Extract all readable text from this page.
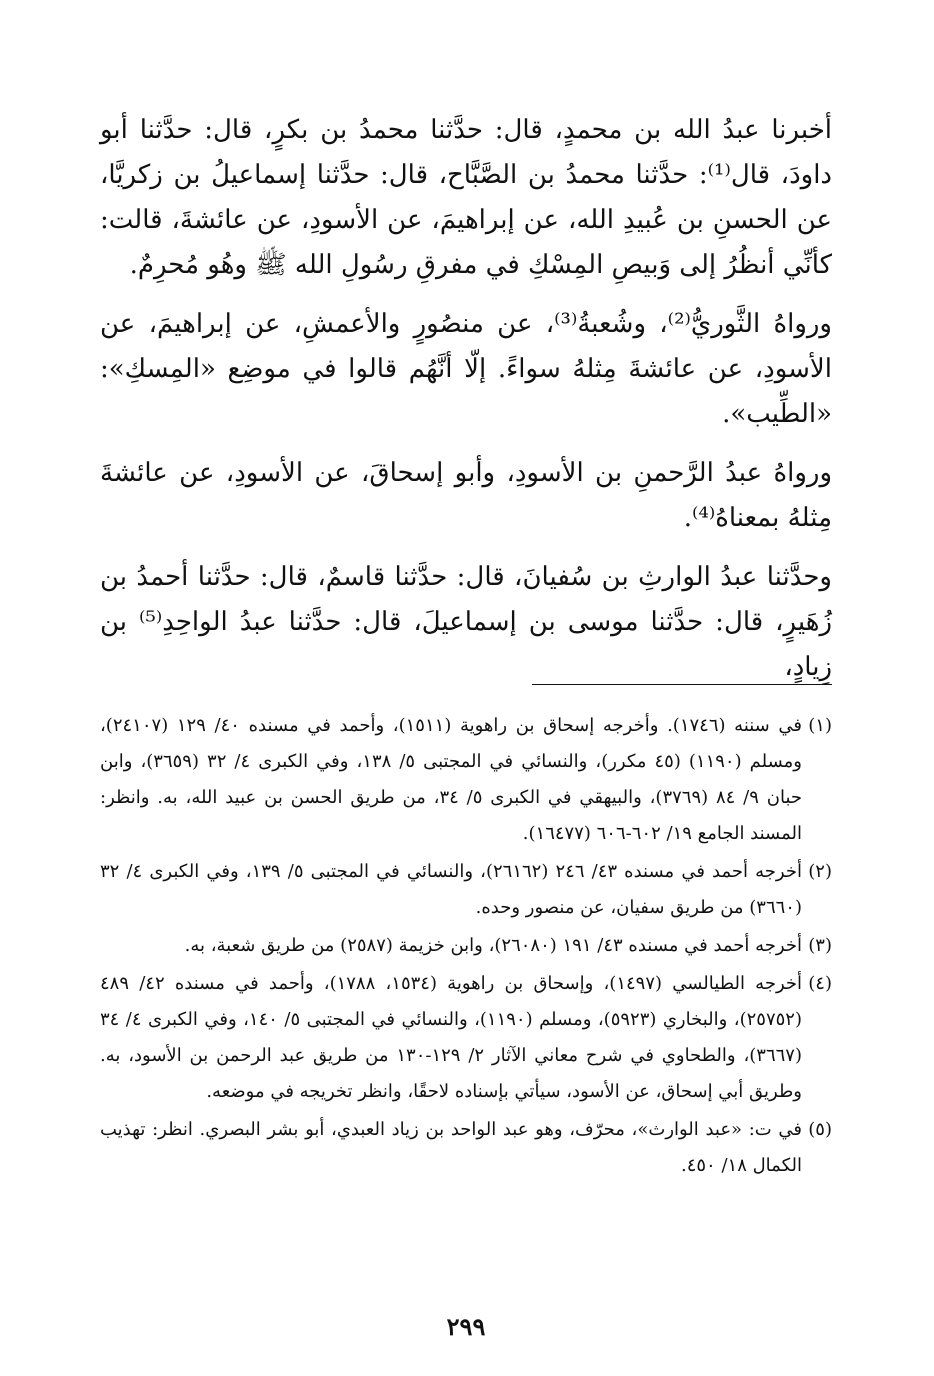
أخبرنا عبدُ الله بن محمدٍ، قال: حدَّثنا محمدُ بن بكرٍ، قال: حدَّثنا أبو داودَ، قال⁽¹⁾: حدَّثنا محمدُ بن الصَّبَّاح، قال: حدَّثنا إسماعيلُ بن زكريَّا، عن الحسنِ بن عُبيدِ الله، عن إبراهيمَ، عن الأسودِ، عن عائشةَ، قالت: كأنِّي أنظُرُ إلى وَبيصِ المِسْكِ في مفرقِ رسُولِ الله ﷺ وهُو مُحرِمٌ.

ورواهُ الثَّوريُّ⁽²⁾، وشُعبةُ⁽³⁾، عن منصُورٍ والأعمشِ، عن إبراهيمَ، عن الأسودِ، عن عائشةَ مِثلهُ سواءً. إلّا أنَّهُم قالوا في موضِع «المِسكِ»: «الطِّيب».

ورواهُ عبدُ الرَّحمنِ بن الأسودِ، وأبو إسحاقَ، عن الأسودِ، عن عائشةَ مِثلهُ بمعناهُ⁽⁴⁾.

وحدَّثنا عبدُ الوارثِ بن سُفيانَ، قال: حدَّثنا قاسمٌ، قال: حدَّثنا أحمدُ بن زُهَيرٍ، قال: حدَّثنا موسى بن إسماعيلَ، قال: حدَّثنا عبدُ الواحِدِ⁽⁵⁾ بن زِيادٍ،

(١)
في سننه (١٧٤٦). وأخرجه إسحاق بن راهوية (١٥١١)، وأحمد في مسنده ٤٠/ ١٢٩ (٢٤١٠٧)، ومسلم (١١٩٠) (٤٥ مكرر)، والنسائي في المجتبى ٥/ ١٣٨، وفي الكبرى ٤/ ٣٢ (٣٦٥٩)، وابن حبان ٩/ ٨٤ (٣٧٦٩)، والبيهقي في الكبرى ٥/ ٣٤، من طريق الحسن بن عبيد الله، به. وانظر: المسند الجامع ١٩/ ٦٠٢-٦٠٦ (١٦٤٧٧).

(٢)
أخرجه أحمد في مسنده ٤٣/ ٢٤٦ (٢٦١٦٢)، والنسائي في المجتبى ٥/ ١٣٩، وفي الكبرى ٤/ ٣٢ (٣٦٦٠) من طريق سفيان، عن منصور وحده.

(٣)
أخرجه أحمد في مسنده ٤٣/ ١٩١ (٢٦٠٨٠)، وابن خزيمة (٢٥٨٧) من طريق شعبة، به.

(٤)
أخرجه الطيالسي (١٤٩٧)، وإسحاق بن راهوية (١٥٣٤، ١٧٨٨)، وأحمد في مسنده ٤٢/ ٤٨٩ (٢٥٧٥٢)، والبخاري (٥٩٢٣)، ومسلم (١١٩٠)، والنسائي في المجتبى ٥/ ١٤٠، وفي الكبرى ٤/ ٣٤ (٣٦٦٧)، والطحاوي في شرح معاني الآثار ٢/ ١٢٩-١٣٠ من طريق عبد الرحمن بن الأسود، به. وطريق أبي إسحاق، عن الأسود، سيأتي بإسناده لاحقًا، وانظر تخريجه في موضعه.

(٥)
في ت: «عبد الوارث»، محرّف، وهو عبد الواحد بن زياد العبدي، أبو بشر البصري. انظر: تهذيب الكمال ١٨/ ٤٥٠.

٢٩٩
